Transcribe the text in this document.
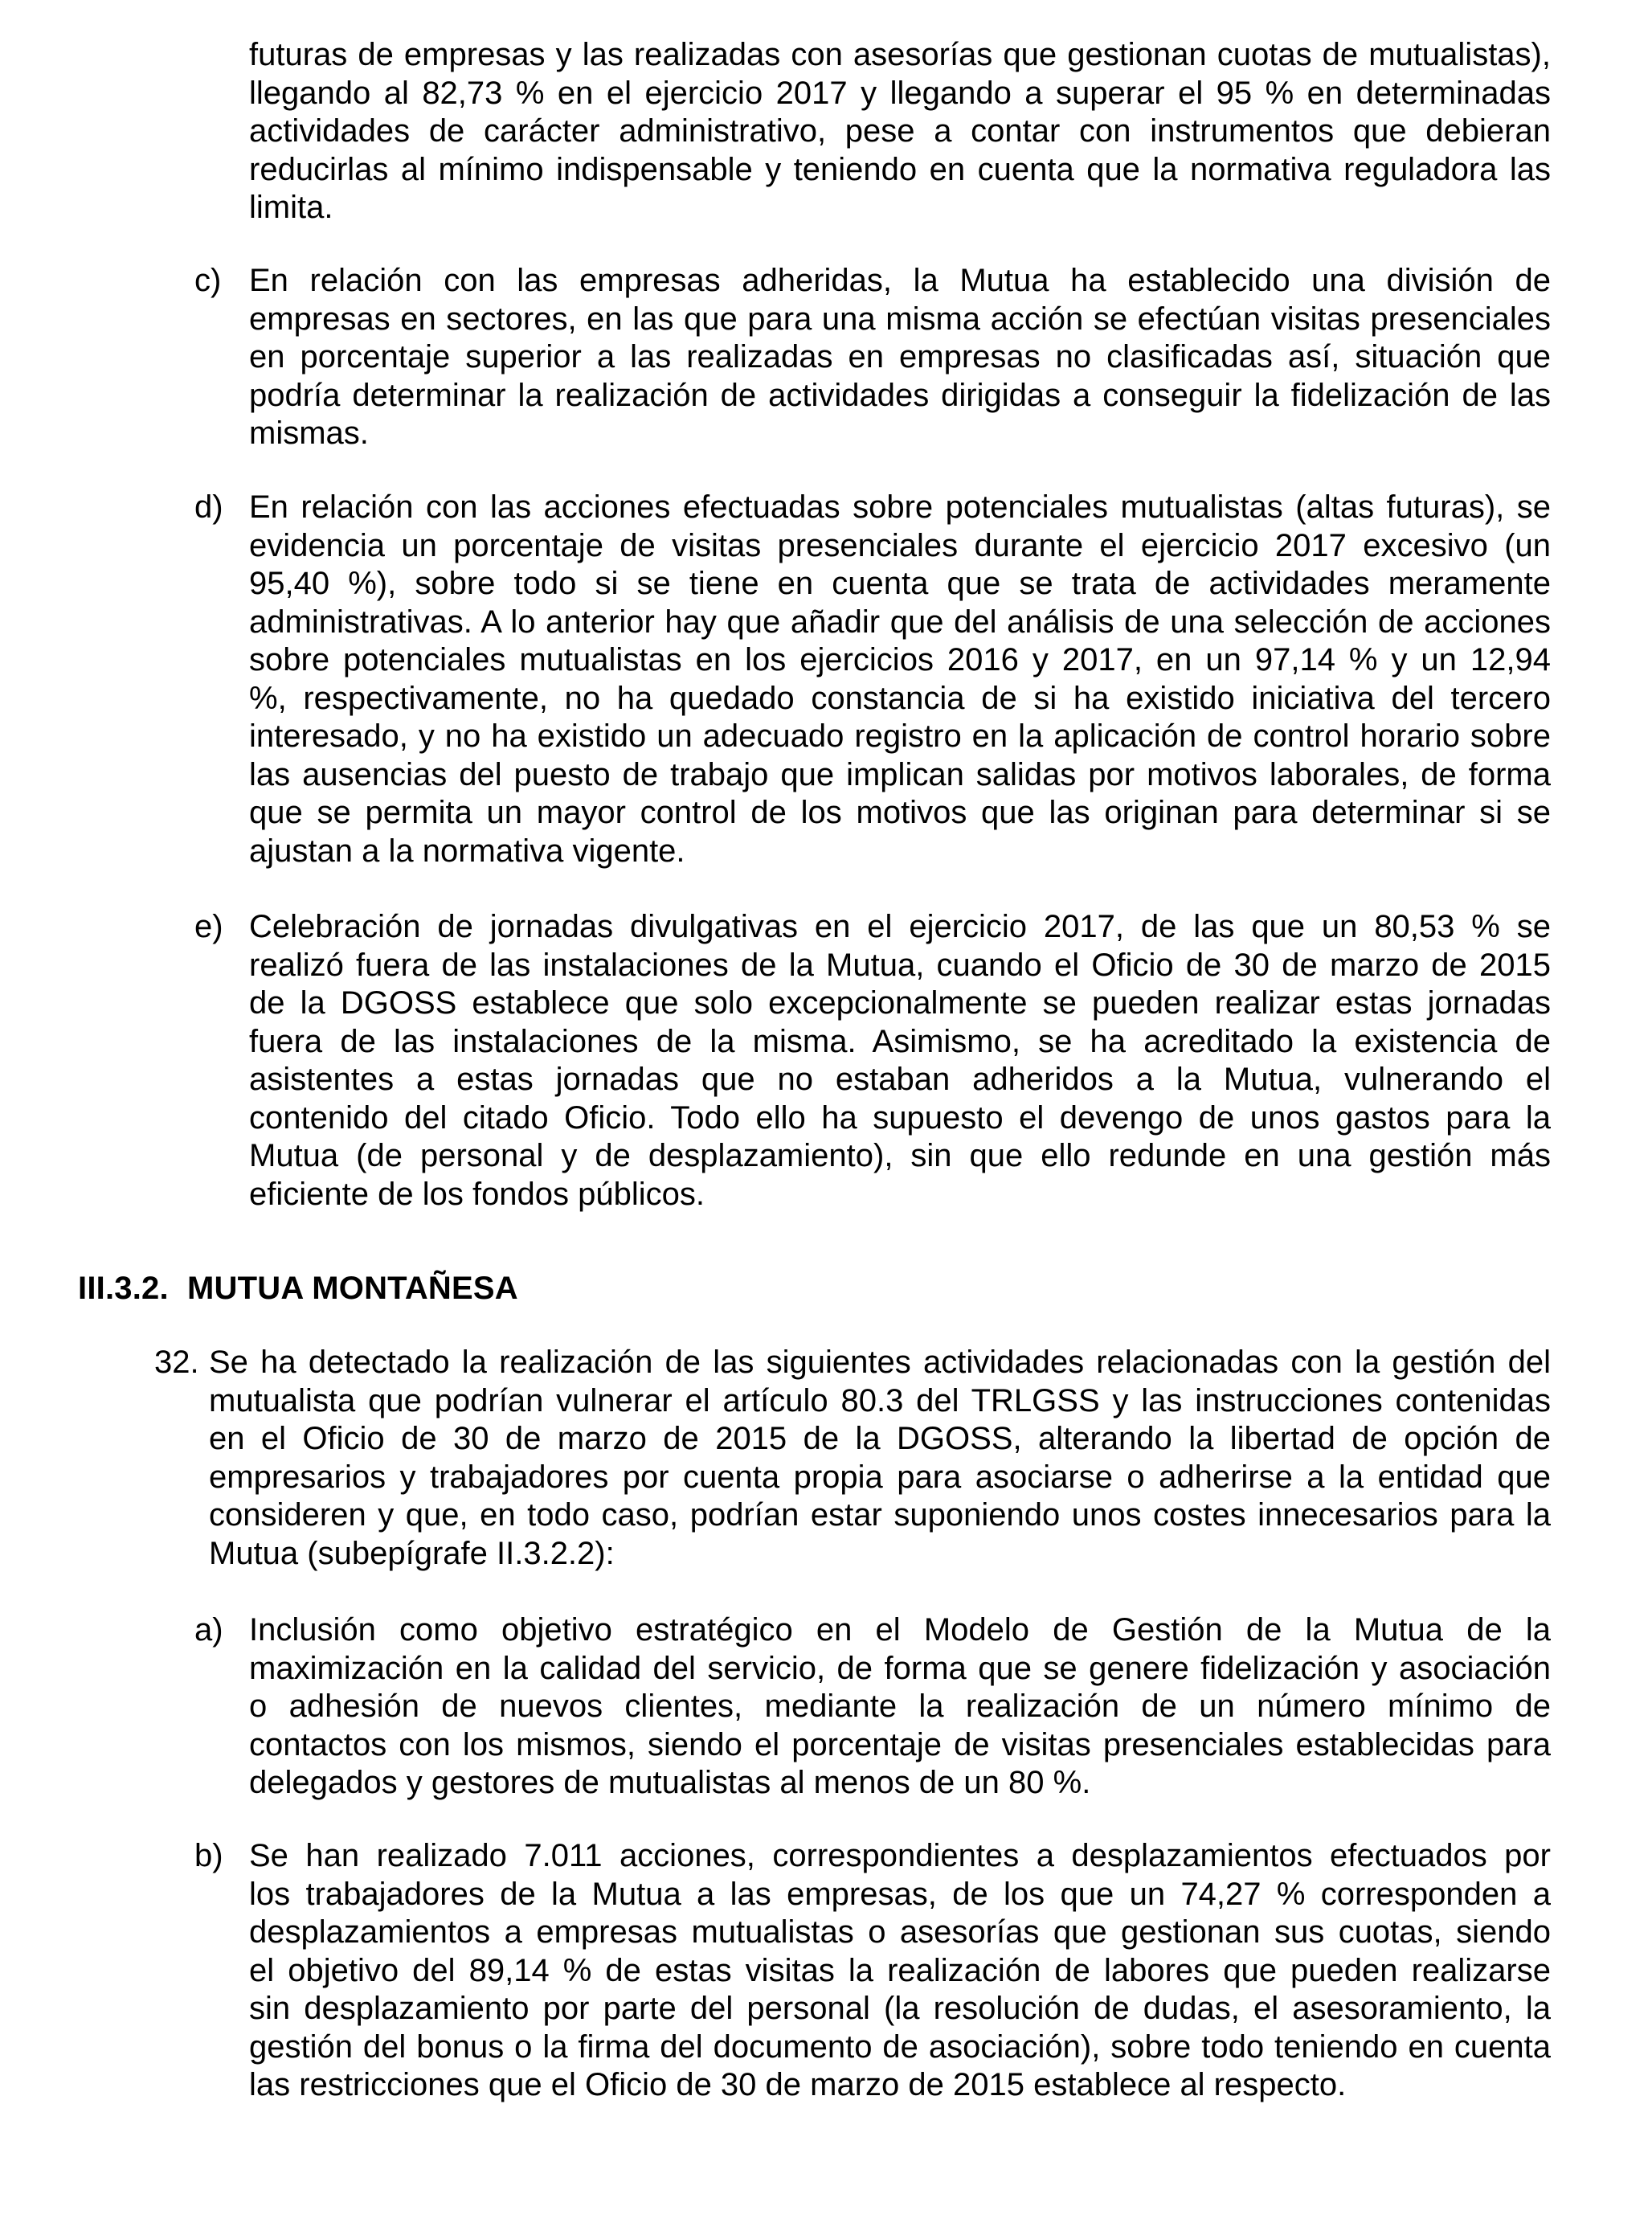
futuras de empresas y las realizadas con asesorías que gestionan cuotas de mutualistas),
llegando al 82,73 % en el ejercicio 2017 y llegando a superar el 95 % en determinadas
actividades de carácter administrativo, pese a contar con instrumentos que debieran
reducirlas al mínimo indispensable y teniendo en cuenta que la normativa reguladora las
limita.
c) En relación con las empresas adheridas, la Mutua ha establecido una división de
empresas en sectores, en las que para una misma acción se efectúan visitas presenciales
en porcentaje superior a las realizadas en empresas no clasificadas así, situación que
podría determinar la realización de actividades dirigidas a conseguir la fidelización de las
mismas.
d) En relación con las acciones efectuadas sobre potenciales mutualistas (altas futuras), se
evidencia un porcentaje de visitas presenciales durante el ejercicio 2017 excesivo (un
95,40 %), sobre todo si se tiene en cuenta que se trata de actividades meramente
administrativas. A lo anterior hay que añadir que del análisis de una selección de acciones
sobre potenciales mutualistas en los ejercicios 2016 y 2017, en un 97,14 % y un 12,94
%, respectivamente, no ha quedado constancia de si ha existido iniciativa del tercero
interesado, y no ha existido un adecuado registro en la aplicación de control horario sobre
las ausencias del puesto de trabajo que implican salidas por motivos laborales, de forma
que se permita un mayor control de los motivos que las originan para determinar si se
ajustan a la normativa vigente.
e) Celebración de jornadas divulgativas en el ejercicio 2017, de las que un 80,53 % se
realizó fuera de las instalaciones de la Mutua, cuando el Oficio de 30 de marzo de 2015
de la DGOSS establece que solo excepcionalmente se pueden realizar estas jornadas
fuera de las instalaciones de la misma. Asimismo, se ha acreditado la existencia de
asistentes a estas jornadas que no estaban adheridos a la Mutua, vulnerando el
contenido del citado Oficio. Todo ello ha supuesto el devengo de unos gastos para la
Mutua (de personal y de desplazamiento), sin que ello redunde en una gestión más
eficiente de los fondos públicos.
III.3.2. MUTUA MONTAÑESA
32. Se ha detectado la realización de las siguientes actividades relacionadas con la gestión del
mutualista que podrían vulnerar el artículo 80.3 del TRLGSS y las instrucciones contenidas
en el Oficio de 30 de marzo de 2015 de la DGOSS, alterando la libertad de opción de
empresarios y trabajadores por cuenta propia para asociarse o adherirse a la entidad que
consideren y que, en todo caso, podrían estar suponiendo unos costes innecesarios para la
Mutua (subepígrafe II.3.2.2):
a) Inclusión como objetivo estratégico en el Modelo de Gestión de la Mutua de la
maximización en la calidad del servicio, de forma que se genere fidelización y asociación
o adhesión de nuevos clientes, mediante la realización de un número mínimo de
contactos con los mismos, siendo el porcentaje de visitas presenciales establecidas para
delegados y gestores de mutualistas al menos de un 80 %.
b) Se han realizado 7.011 acciones, correspondientes a desplazamientos efectuados por
los trabajadores de la Mutua a las empresas, de los que un 74,27 % corresponden a
desplazamientos a empresas mutualistas o asesorías que gestionan sus cuotas, siendo
el objetivo del 89,14 % de estas visitas la realización de labores que pueden realizarse
sin desplazamiento por parte del personal (la resolución de dudas, el asesoramiento, la
gestión del bonus o la firma del documento de asociación), sobre todo teniendo en cuenta
las restricciones que el Oficio de 30 de marzo de 2015 establece al respecto.
